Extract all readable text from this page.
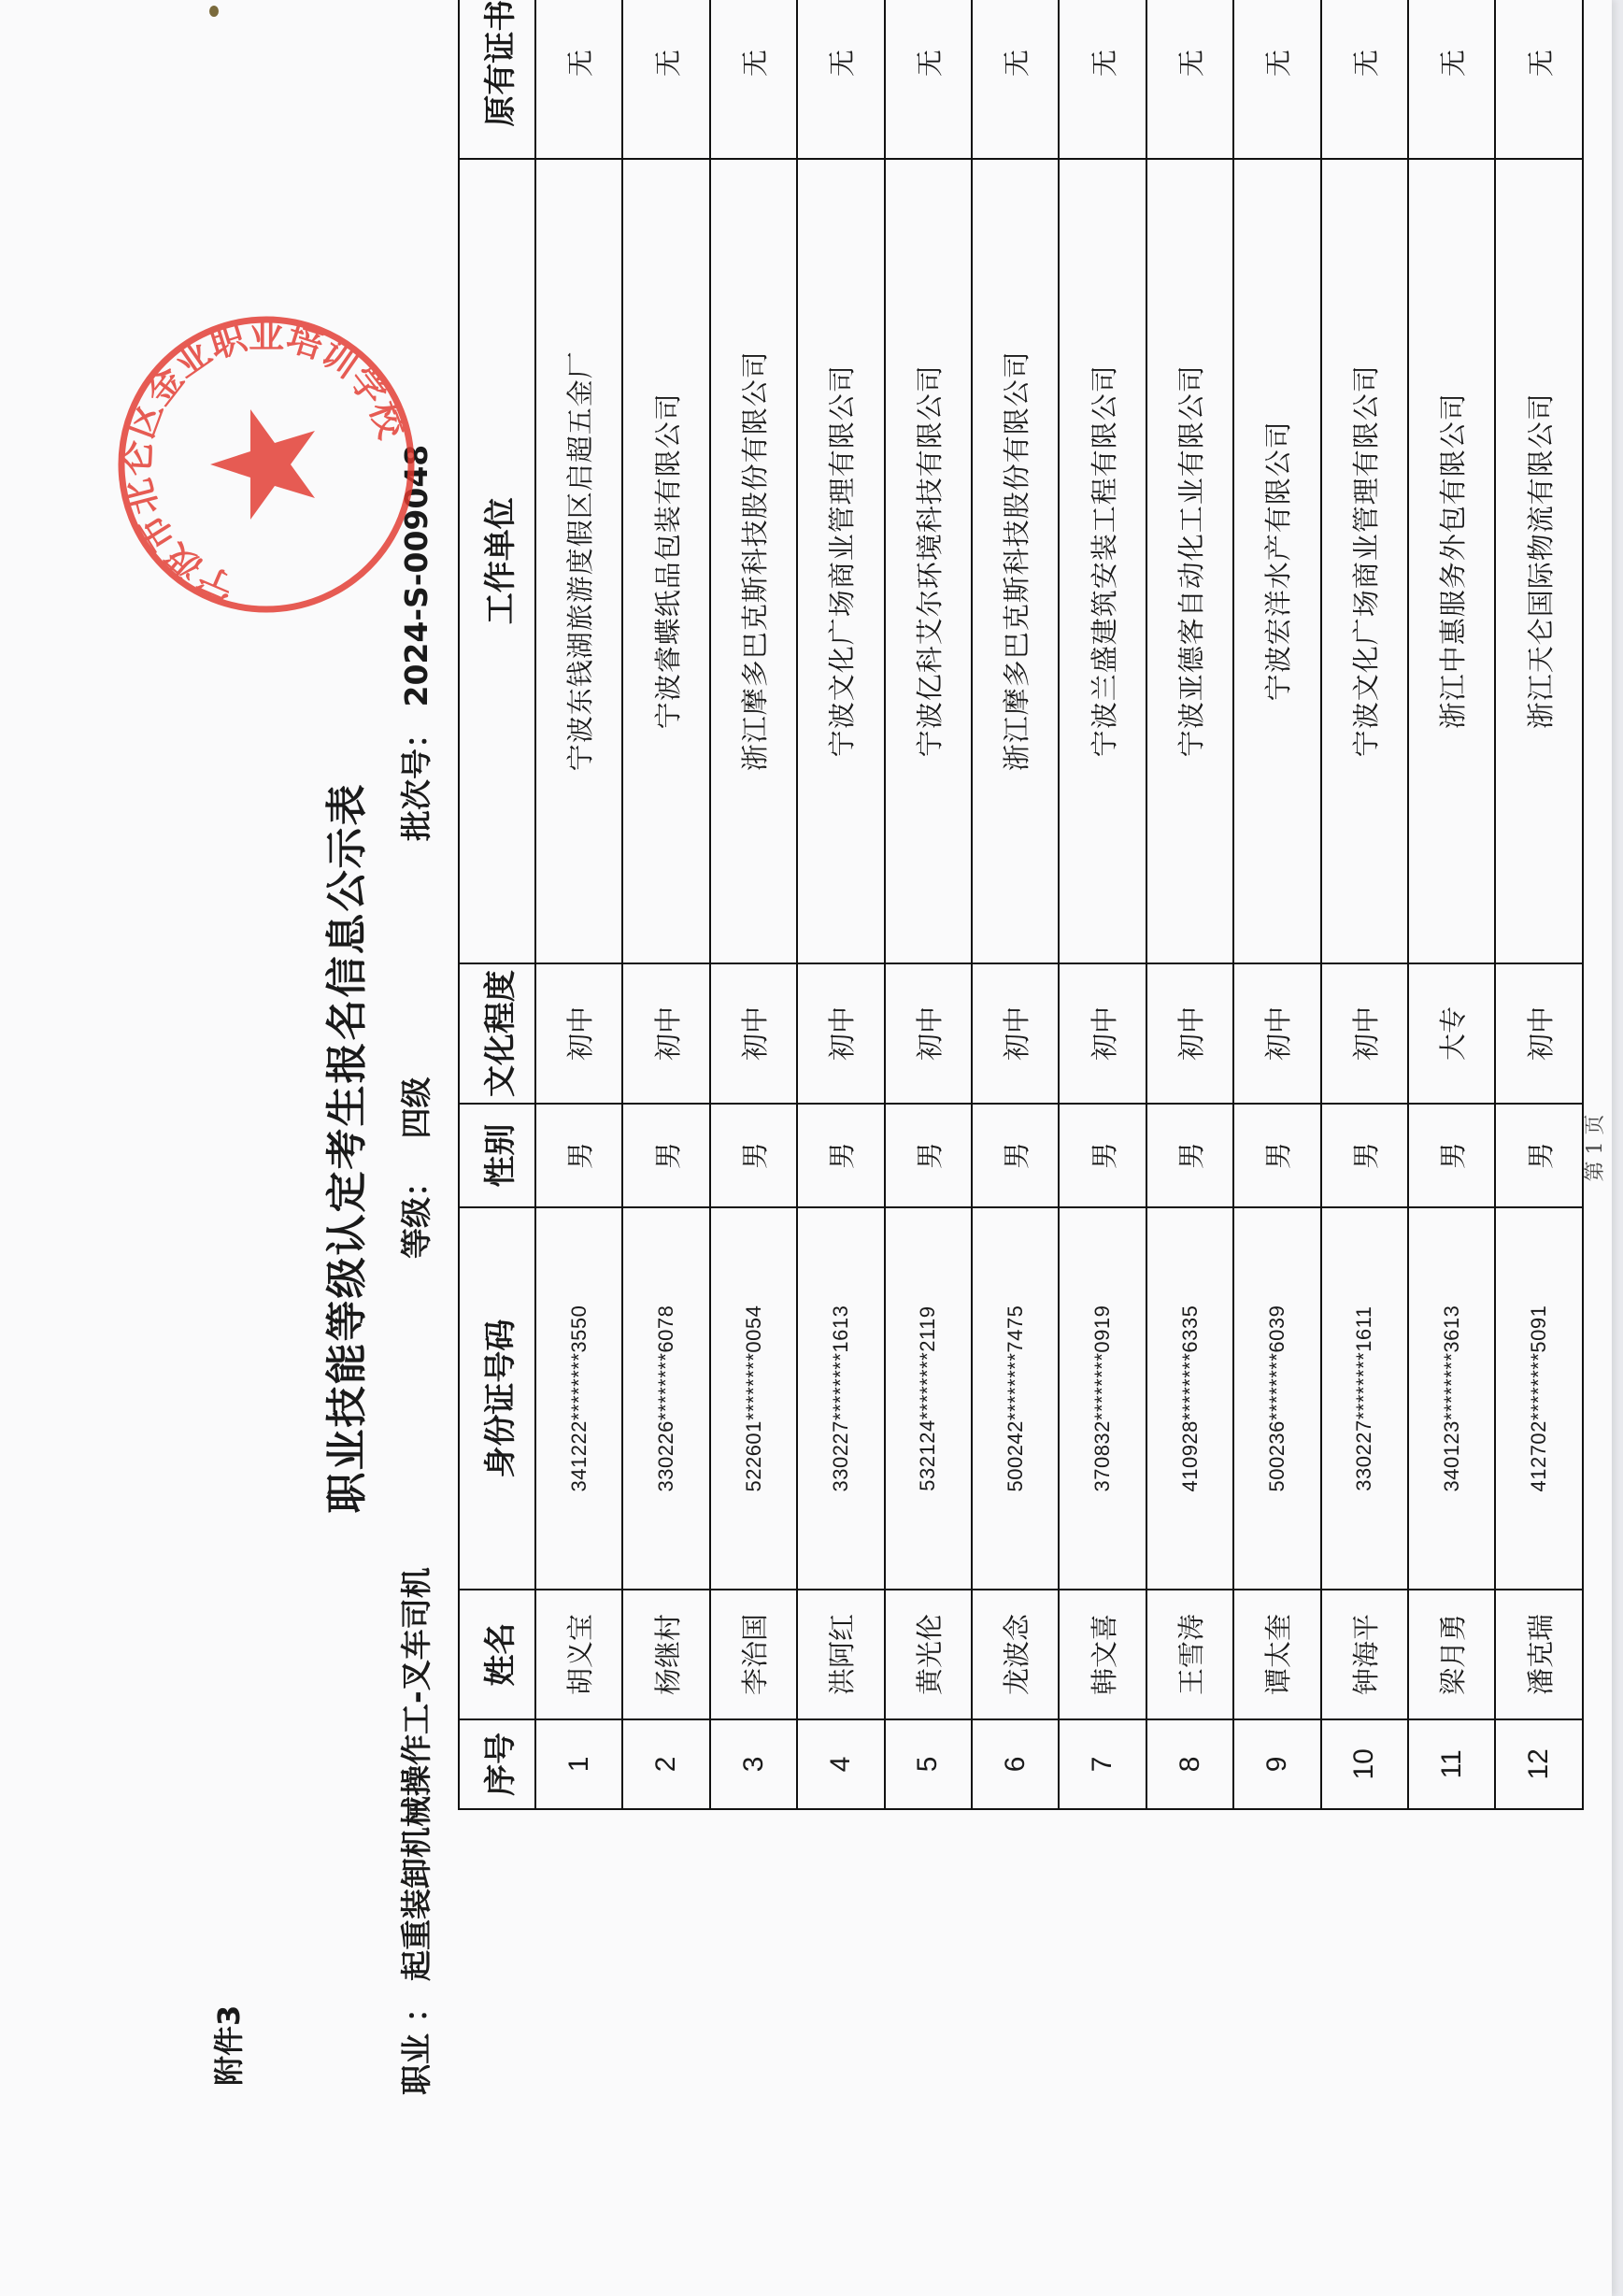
附件3
职业技能等级认定考生报名信息公示表
职业 ： 起重装卸机械操作工-叉车司机
等级： 四级
批次号： 2024-S-009048
序号	姓名	身份证号码	性别	文化程度	工作单位	原有证书	
1	胡义宝	341222********3550	男	初中	宁波东钱湖旅游度假区启超五金厂	无	
2	杨继村	330226********6078	男	初中	宁波睿蝶纸品包装有限公司	无	
3	李治国	522601********0054	男	初中	浙江摩多巴克斯科技股份有限公司	无	
4	洪阿红	330227********1613	男	初中	宁波文化广场商业管理有限公司	无	
5	黄光伦	532124********2119	男	初中	宁波亿科艾尔环境科技有限公司	无	
6	龙波念	500242********7475	男	初中	浙江摩多巴克斯科技股份有限公司	无	
7	韩文喜	370832********0919	男	初中	宁波兰盛建筑安装工程有限公司	无	
8	王雪涛	410928********6335	男	初中	宁波亚德客自动化工业有限公司	无	
9	谭太奎	500236********6039	男	初中	宁波宏洋水产有限公司	无	
10	钟海平	330227********1611	男	初中	宁波文化广场商业管理有限公司	无	
11	梁月勇	340123********3613	男	大专	浙江中惠服务外包有限公司	无	
12	潘克瑞	412702********5091	男	初中	浙江天仑国际物流有限公司	无	
第 1 页
宁波市北仑区金亚职业培训学校
